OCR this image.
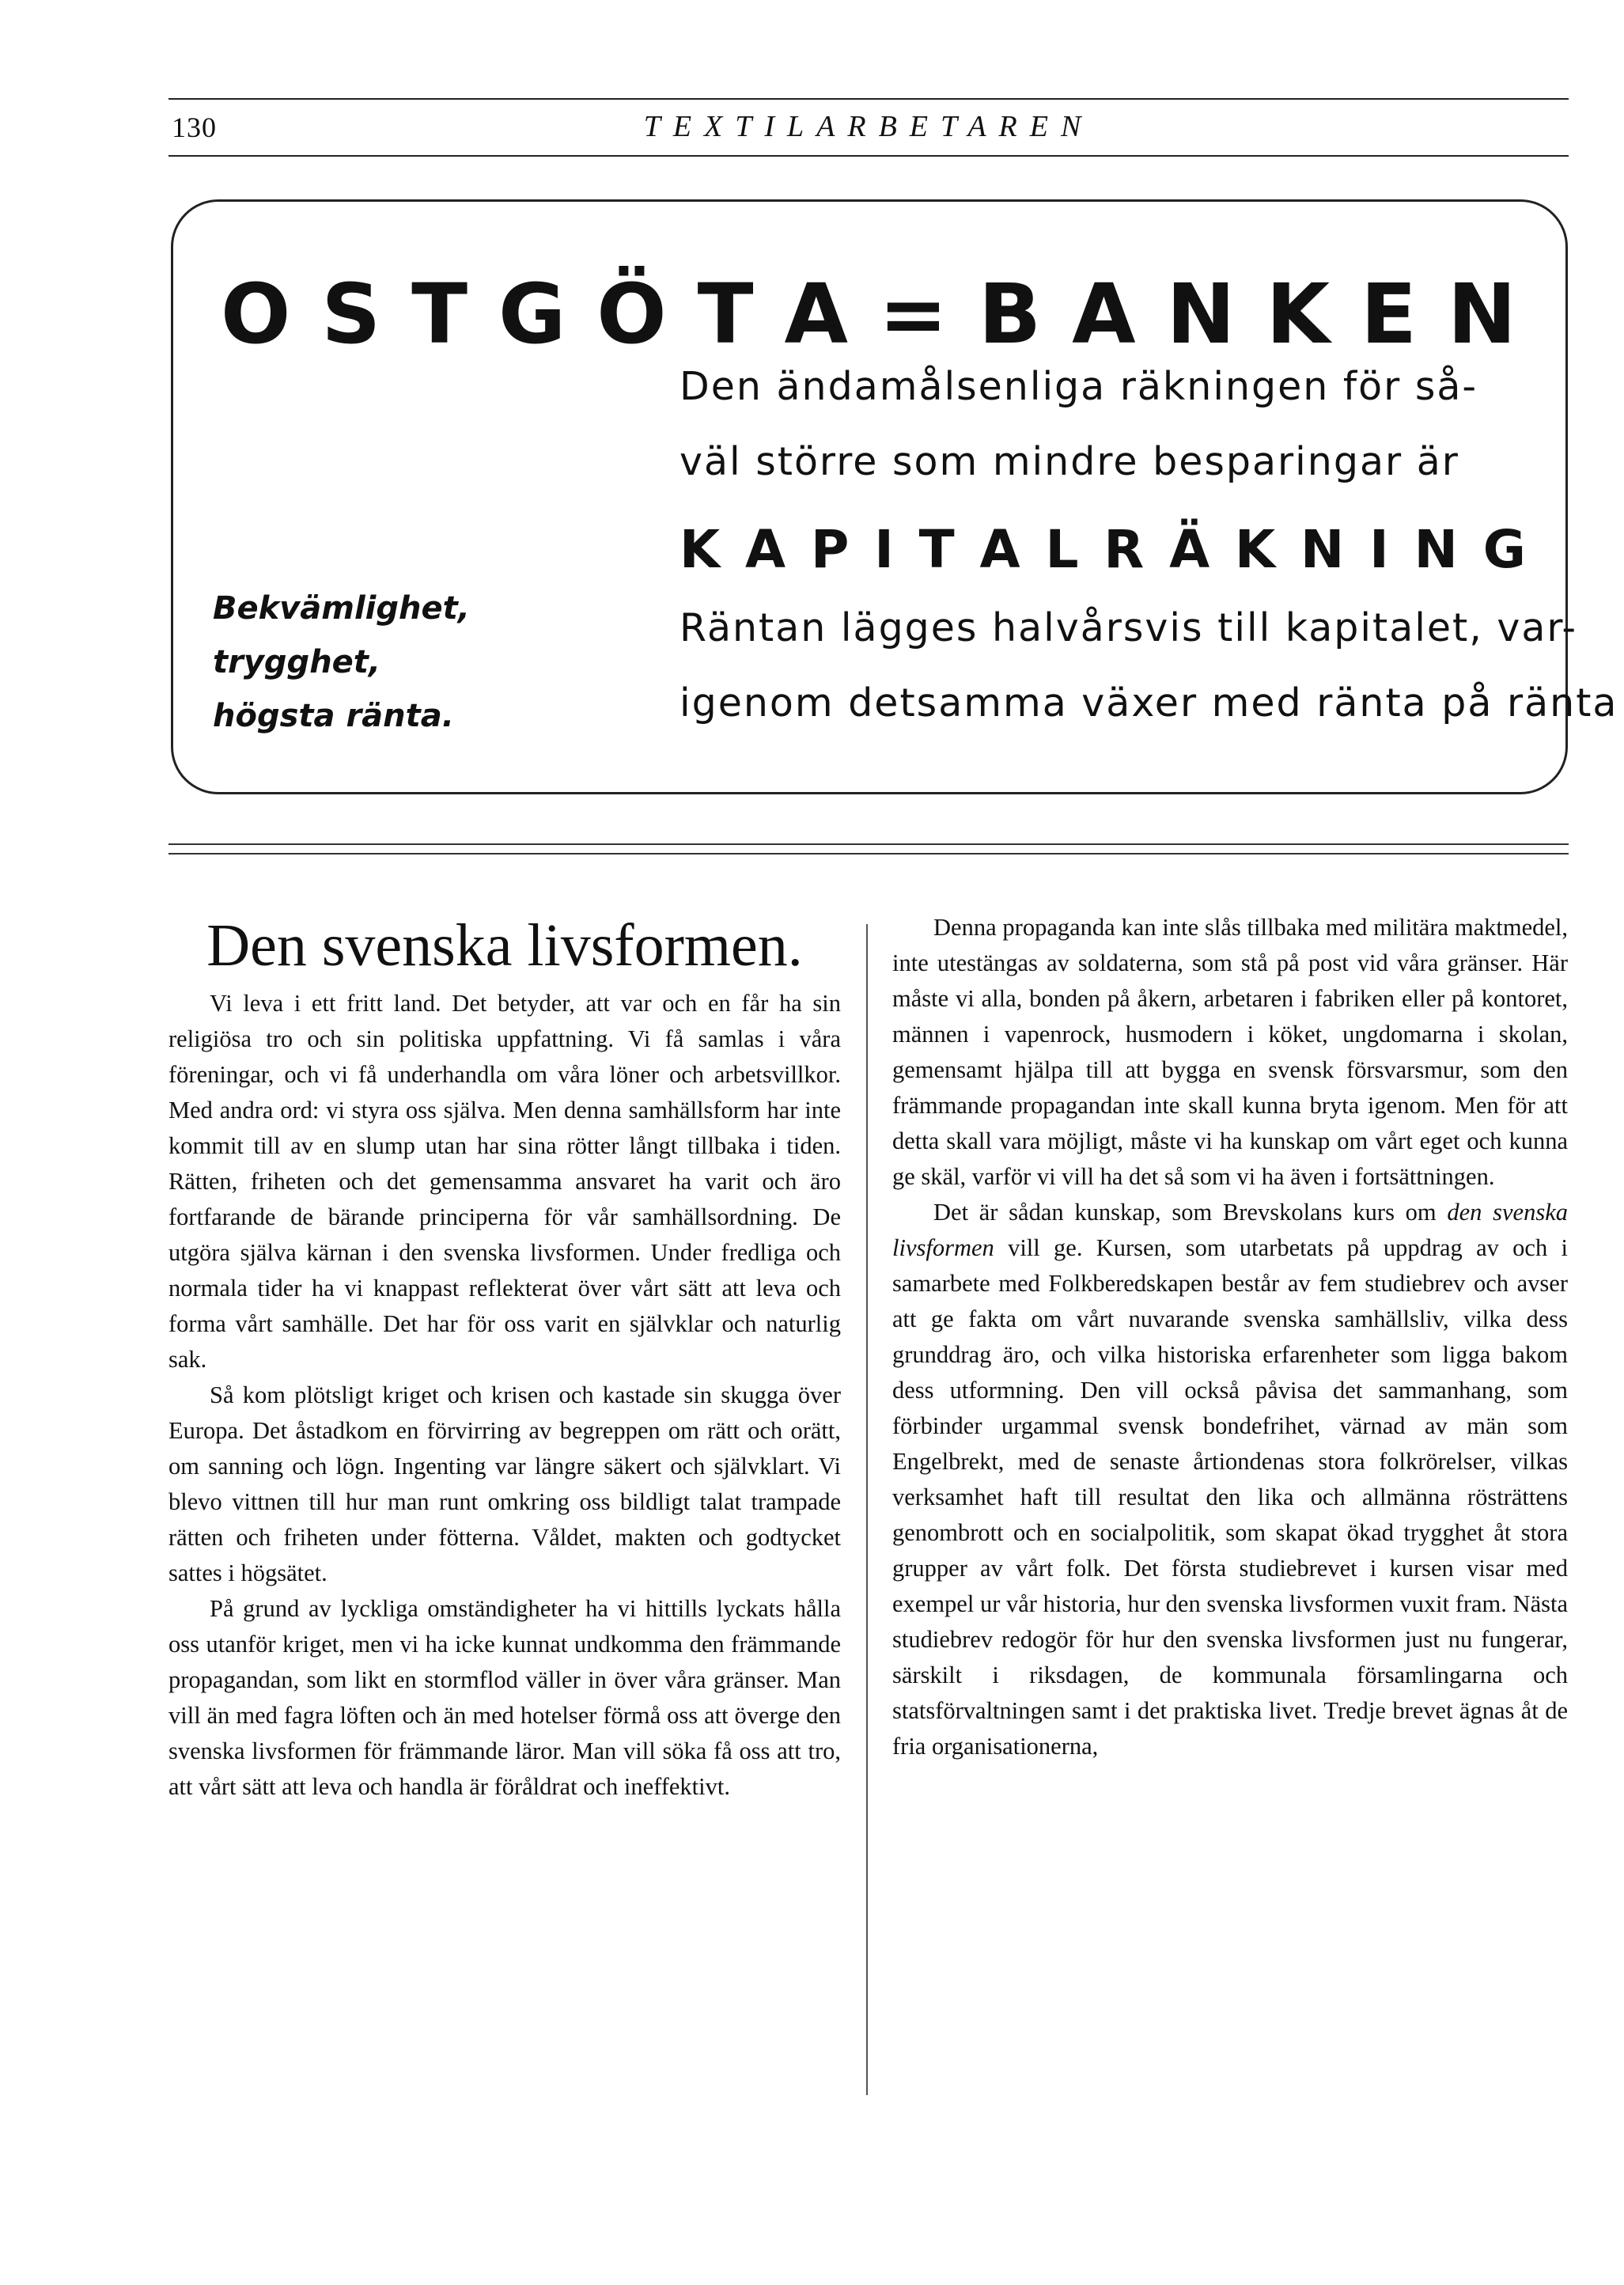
130	TEXTILARBETAREN
O S T G Ö T A = B A N K E N
Den ändamålsenliga räkningen för så-
väl större som mindre besparingar är
K A P I T A L R Ä K N I N G
Räntan lägges halvårsvis till kapitalet, var-
igenom detsamma växer med ränta på ränta
Bekvämlighet,
trygghet,
högsta ränta.
Den svenska livsformen.

Vi leva i ett fritt land. Det betyder, att var och en får ha sin religiösa tro och sin politiska uppfattning. Vi få samlas i våra föreningar, och vi få underhandla om våra löner och arbetsvillkor. Med andra ord: vi styra oss själva. Men denna samhällsform har inte kommit till av en slump utan har sina rötter långt tillbaka i tiden. Rätten, friheten och det gemensamma ansvaret ha varit och äro fortfarande de bärande principerna för vår samhällsordning. De utgöra själva kärnan i den svenska livsformen. Under fredliga och normala tider ha vi knappast reflekterat över vårt sätt att leva och forma vårt samhälle. Det har för oss varit en självklar och naturlig sak.

Så kom plötsligt kriget och krisen och kastade sin skugga över Europa. Det åstadkom en förvirring av begreppen om rätt och orätt, om sanning och lögn. Ingenting var längre säkert och självklart. Vi blevo vittnen till hur man runt omkring oss bildligt talat trampade rätten och friheten under fötterna. Våldet, makten och godtycket sattes i högsätet.

På grund av lyckliga omständigheter ha vi hittills lyckats hålla oss utanför kriget, men vi ha icke kunnat undkomma den främmande propagandan, som likt en stormflod väller in över våra gränser. Man vill än med fagra löften och än med hotelser förmå oss att överge den svenska livsformen för främmande läror. Man vill söka få oss att tro, att vårt sätt att leva och handla är föråldrat och ineffektivt.

Denna propaganda kan inte slås tillbaka med militära maktmedel, inte utestängas av soldaterna, som stå på post vid våra gränser. Här måste vi alla, bonden på åkern, arbetaren i fabriken eller på kontoret, männen i vapenrock, husmodern i köket, ungdomarna i skolan, gemensamt hjälpa till att bygga en svensk försvarsmur, som den främmande propagandan inte skall kunna bryta igenom. Men för att detta skall vara möjligt, måste vi ha kunskap om vårt eget och kunna ge skäl, varför vi vill ha det så som vi ha även i fortsättningen.

Det är sådan kunskap, som Brevskolans kurs om den svenska livsformen vill ge. Kursen, som utarbetats på uppdrag av och i samarbete med Folkberedskapen består av fem studiebrev och avser att ge fakta om vårt nuvarande svenska samhällsliv, vilka dess grunddrag äro, och vilka historiska erfarenheter som ligga bakom dess utformning. Den vill också påvisa det sammanhang, som förbinder urgammal svensk bondefrihet, värnad av män som Engelbrekt, med de senaste årtiondenas stora folkrörelser, vilkas verksamhet haft till resultat den lika och allmänna rösträttens genombrott och en socialpolitik, som skapat ökad trygghet åt stora grupper av vårt folk. Det första studiebrevet i kursen visar med exempel ur vår historia, hur den svenska livsformen vuxit fram. Nästa studiebrev redogör för hur den svenska livsformen just nu fungerar, särskilt i riksdagen, de kommunala församlingarna och statsförvaltningen samt i det praktiska livet. Tredje brevet ägnas åt de fria organisationerna,
